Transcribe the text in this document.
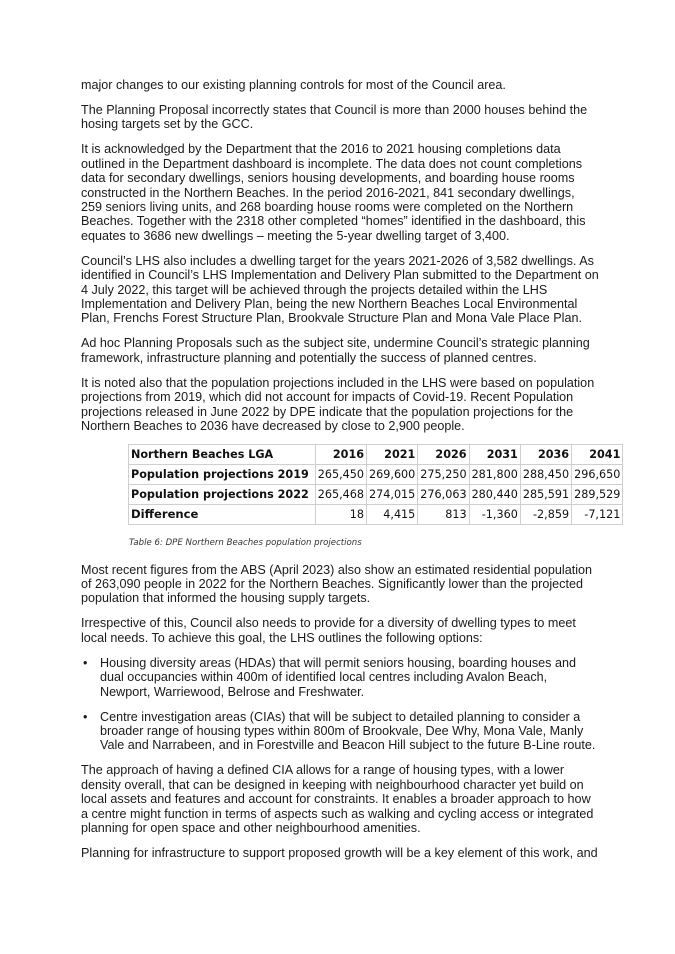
major changes to our existing planning controls for most of the Council area.

The Planning Proposal incorrectly states that Council is more than 2000 houses behind the hosing targets set by the GCC.

It is acknowledged by the Department that the 2016 to 2021 housing completions data outlined in the Department dashboard is incomplete. The data does not count completions data for secondary dwellings, seniors housing developments, and boarding house rooms constructed in the Northern Beaches. In the period 2016-2021, 841 secondary dwellings, 259 seniors living units, and 268 boarding house rooms were completed on the Northern Beaches. Together with the 2318 other completed “homes” identified in the dashboard, this equates to 3686 new dwellings – meeting the 5-year dwelling target of 3,400.

Council’s LHS also includes a dwelling target for the years 2021-2026 of 3,582 dwellings. As identified in Council’s LHS Implementation and Delivery Plan submitted to the Department on 4 July 2022, this target will be achieved through the projects detailed within the LHS Implementation and Delivery Plan, being the new Northern Beaches Local Environmental Plan, Frenchs Forest Structure Plan, Brookvale Structure Plan and Mona Vale Place Plan.

Ad hoc Planning Proposals such as the subject site, undermine Council’s strategic planning framework, infrastructure planning and potentially the success of planned centres.

It is noted also that the population projections included in the LHS were based on population projections from 2019, which did not account for impacts of Covid-19. Recent Population projections released in June 2022 by DPE indicate that the population projections for the Northern Beaches to 2036 have decreased by close to 2,900 people.

Northern Beaches LGA	2016	2021	2026	2031	2036	2041
Population projections 2019	265,450	269,600	275,250	281,800	288,450	296,650
Population projections 2022	265,468	274,015	276,063	280,440	285,591	289,529
Difference	18	4,415	813	-1,360	-2,859	-7,121
Table 6: DPE Northern Beaches population projections

Most recent figures from the ABS (April 2023) also show an estimated residential population of 263,090 people in 2022 for the Northern Beaches. Significantly lower than the projected population that informed the housing supply targets.

Irrespective of this, Council also needs to provide for a diversity of dwelling types to meet local needs. To achieve this goal, the LHS outlines the following options:

• Housing diversity areas (HDAs) that will permit seniors housing, boarding houses and dual occupancies within 400m of identified local centres including Avalon Beach, Newport, Warriewood, Belrose and Freshwater.
• Centre investigation areas (CIAs) that will be subject to detailed planning to consider a broader range of housing types within 800m of Brookvale, Dee Why, Mona Vale, Manly Vale and Narrabeen, and in Forestville and Beacon Hill subject to the future B-Line route.

The approach of having a defined CIA allows for a range of housing types, with a lower density overall, that can be designed in keeping with neighbourhood character yet build on local assets and features and account for constraints. It enables a broader approach to how a centre might function in terms of aspects such as walking and cycling access or integrated planning for open space and other neighbourhood amenities.

Planning for infrastructure to support proposed growth will be a key element of this work, and
